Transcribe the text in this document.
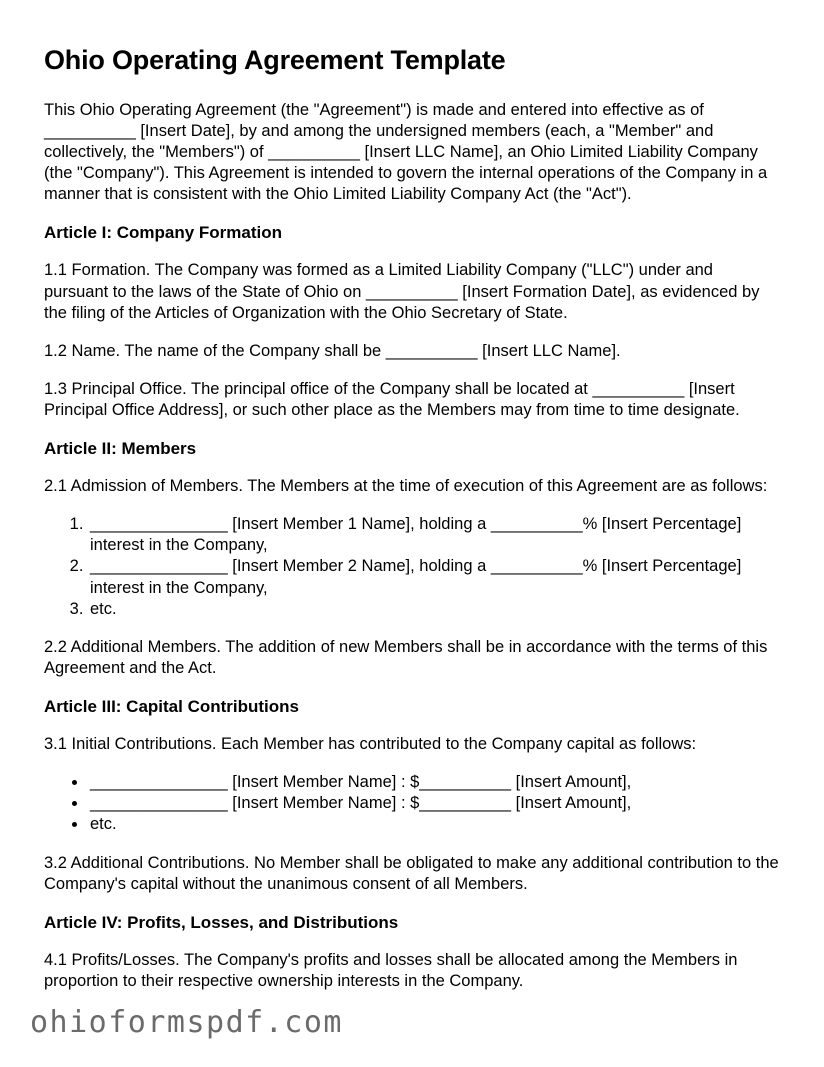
Ohio Operating Agreement Template

This Ohio Operating Agreement (the "Agreement") is made and entered into effective as of __________ [Insert Date], by and among the undersigned members (each, a "Member" and collectively, the "Members") of __________ [Insert LLC Name], an Ohio Limited Liability Company (the "Company"). This Agreement is intended to govern the internal operations of the Company in a manner that is consistent with the Ohio Limited Liability Company Act (the "Act").

Article I: Company Formation

1.1 Formation. The Company was formed as a Limited Liability Company ("LLC") under and pursuant to the laws of the State of Ohio on __________ [Insert Formation Date], as evidenced by the filing of the Articles of Organization with the Ohio Secretary of State.

1.2 Name. The name of the Company shall be __________ [Insert LLC Name].

1.3 Principal Office. The principal office of the Company shall be located at __________ [Insert Principal Office Address], or such other place as the Members may from time to time designate.

Article II: Members

2.1 Admission of Members. The Members at the time of execution of this Agreement are as follows:

1. _______________ [Insert Member 1 Name], holding a __________% [Insert Percentage] interest in the Company,
2. _______________ [Insert Member 2 Name], holding a __________% [Insert Percentage] interest in the Company,
3. etc.

2.2 Additional Members. The addition of new Members shall be in accordance with the terms of this Agreement and the Act.

Article III: Capital Contributions

3.1 Initial Contributions. Each Member has contributed to the Company capital as follows:

• _______________ [Insert Member Name] : $__________ [Insert Amount],
• _______________ [Insert Member Name] : $__________ [Insert Amount],
• etc.

3.2 Additional Contributions. No Member shall be obligated to make any additional contribution to the Company's capital without the unanimous consent of all Members.

Article IV: Profits, Losses, and Distributions

4.1 Profits/Losses. The Company's profits and losses shall be allocated among the Members in proportion to their respective ownership interests in the Company.

ohioformspdf.com
